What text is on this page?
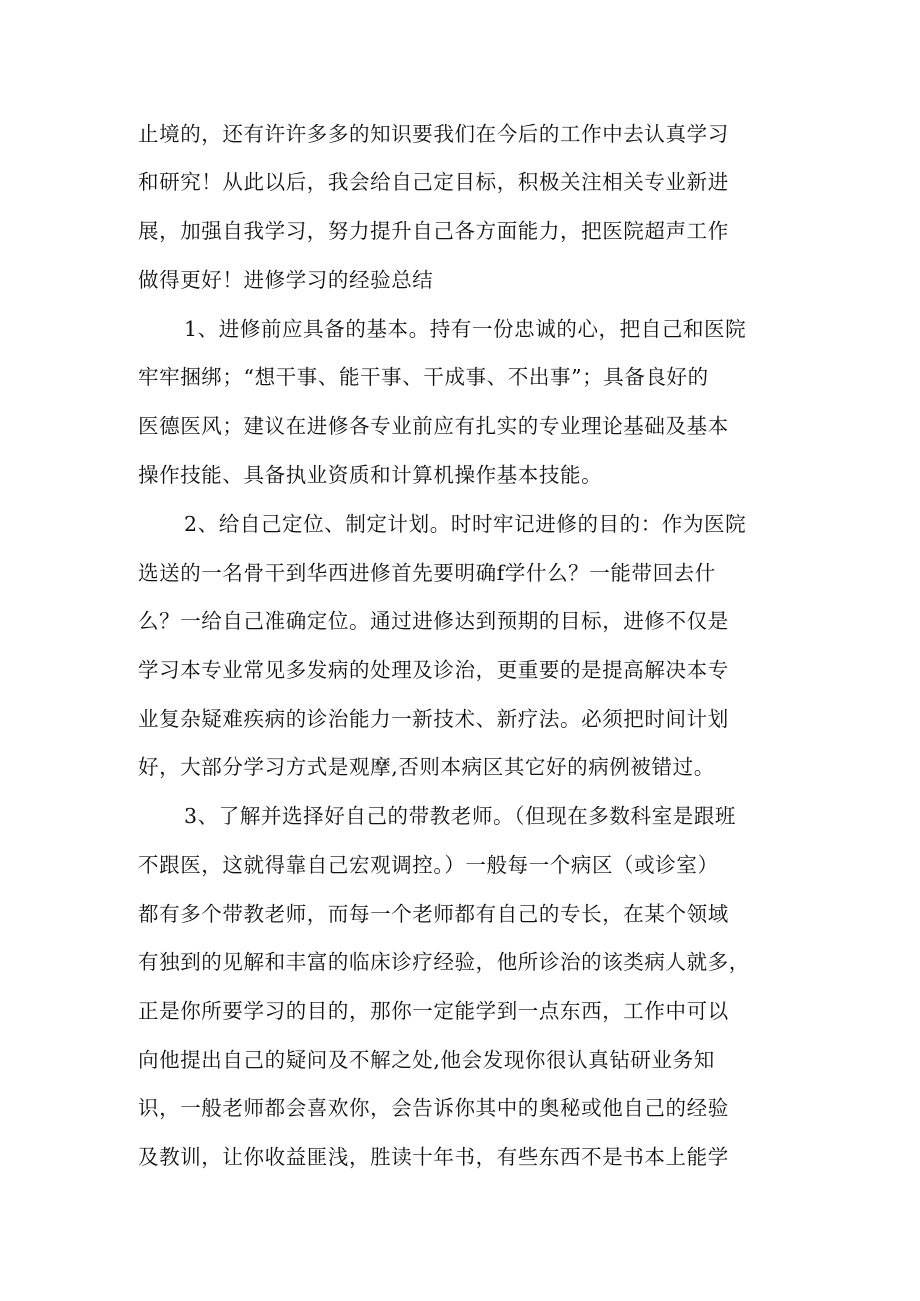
止境的，还有许许多多的知识要我们在今后的工作中去认真学习
和研究！从此以后，我会给自己定目标，积极关注相关专业新进
展，加强自我学习，努力提升自己各方面能力，把医院超声工作
做得更好！进修学习的经验总结
1、进修前应具备的基本。持有一份忠诚的心，把自己和医院
牢牢捆绑；“想干事、能干事、干成事、不出事”；具备良好的
医德医风；建议在进修各专业前应有扎实的专业理论基础及基本
操作技能、具备执业资质和计算机操作基本技能。
2、给自己定位、制定计划。时时牢记进修的目的：作为医院
选送的一名骨干到华西进修首先要明确f学什么？一能带回去什
么？一给自己准确定位。通过进修达到预期的目标，进修不仅是
学习本专业常见多发病的处理及诊治，更重要的是提高解决本专
业复杂疑难疾病的诊治能力一新技术、新疗法。必须把时间计划
好，大部分学习方式是观摩,否则本病区其它好的病例被错过。
3、了解并选择好自己的带教老师。（但现在多数科室是跟班
不跟医，这就得靠自己宏观调控。）一般每一个病区（或诊室）
都有多个带教老师，而每一个老师都有自己的专长，在某个领域
有独到的见解和丰富的临床诊疗经验，他所诊治的该类病人就多，
正是你所要学习的目的，那你一定能学到一点东西，工作中可以
向他提出自己的疑问及不解之处,他会发现你很认真钻研业务知
识，一般老师都会喜欢你，会告诉你其中的奥秘或他自己的经验
及教训，让你收益匪浅，胜读十年书，有些东西不是书本上能学
